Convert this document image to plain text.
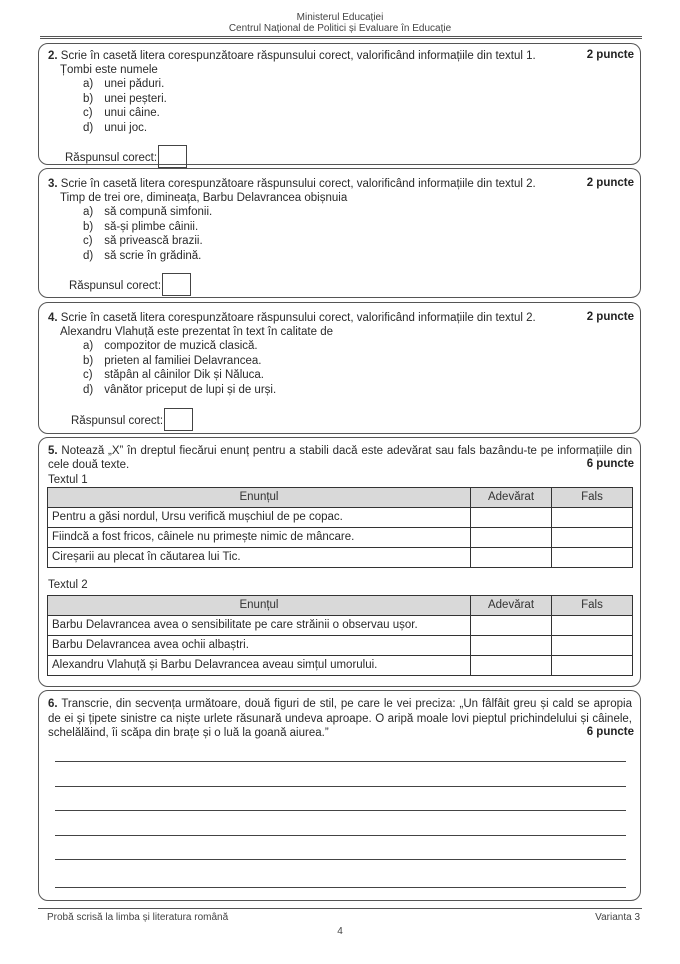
Ministerul Educației
Centrul Național de Politici și Evaluare în Educație
2. Scrie în casetă litera corespunzătoare răspunsului corect, valorificând informațiile din textul 1.	2 puncte
Țombi este numele
a) unei păduri.
b) unei peșteri.
c) unui câine.
d) unui joc.
Răspunsul corect:
3. Scrie în casetă litera corespunzătoare răspunsului corect, valorificând informațiile din textul 2.	2 puncte
Timp de trei ore, dimineața, Barbu Delavrancea obișnuia
a) să compună simfonii.
b) să-și plimbe câinii.
c) să privească brazii.
d) să scrie în grădină.
Răspunsul corect:
4. Scrie în casetă litera corespunzătoare răspunsului corect, valorificând informațiile din textul 2.	2 puncte
Alexandru Vlahuță este prezentat în text în calitate de
a) compozitor de muzică clasică.
b) prieten al familiei Delavrancea.
c) stăpân al câinilor Dik și Năluca.
d) vânător priceput de lupi și de urși.
Răspunsul corect:
5. Notează „X” în dreptul fiecărui enunț pentru a stabili dacă este adevărat sau fals bazându-te pe informațiile din cele două texte.	6 puncte
Textul 1
Enunțul	Adevărat	Fals
Pentru a găsi nordul, Ursu verifică mușchiul de pe copac.		
Fiindcă a fost fricos, câinele nu primește nimic de mâncare.		
Cireșarii au plecat în căutarea lui Tic.		
Textul 2
Enunțul	Adevărat	Fals
Barbu Delavrancea avea o sensibilitate pe care străinii o observau ușor.		
Barbu Delavrancea avea ochii albaștri.		
Alexandru Vlahuță și Barbu Delavrancea aveau simțul umorului.		
6. Transcrie, din secvența următoare, două figuri de stil, pe care le vei preciza: „Un fâlfâit greu și cald se apropia de ei și țipete sinistre ca niște urlete răsunară undeva aproape. O aripă moale lovi pieptul prichindelului și câinele, schelălăind, îi scăpa din brațe și o luă la goană aiurea.”	6 puncte
Probă scrisă la limba și literatura română	Varianta 3
4
